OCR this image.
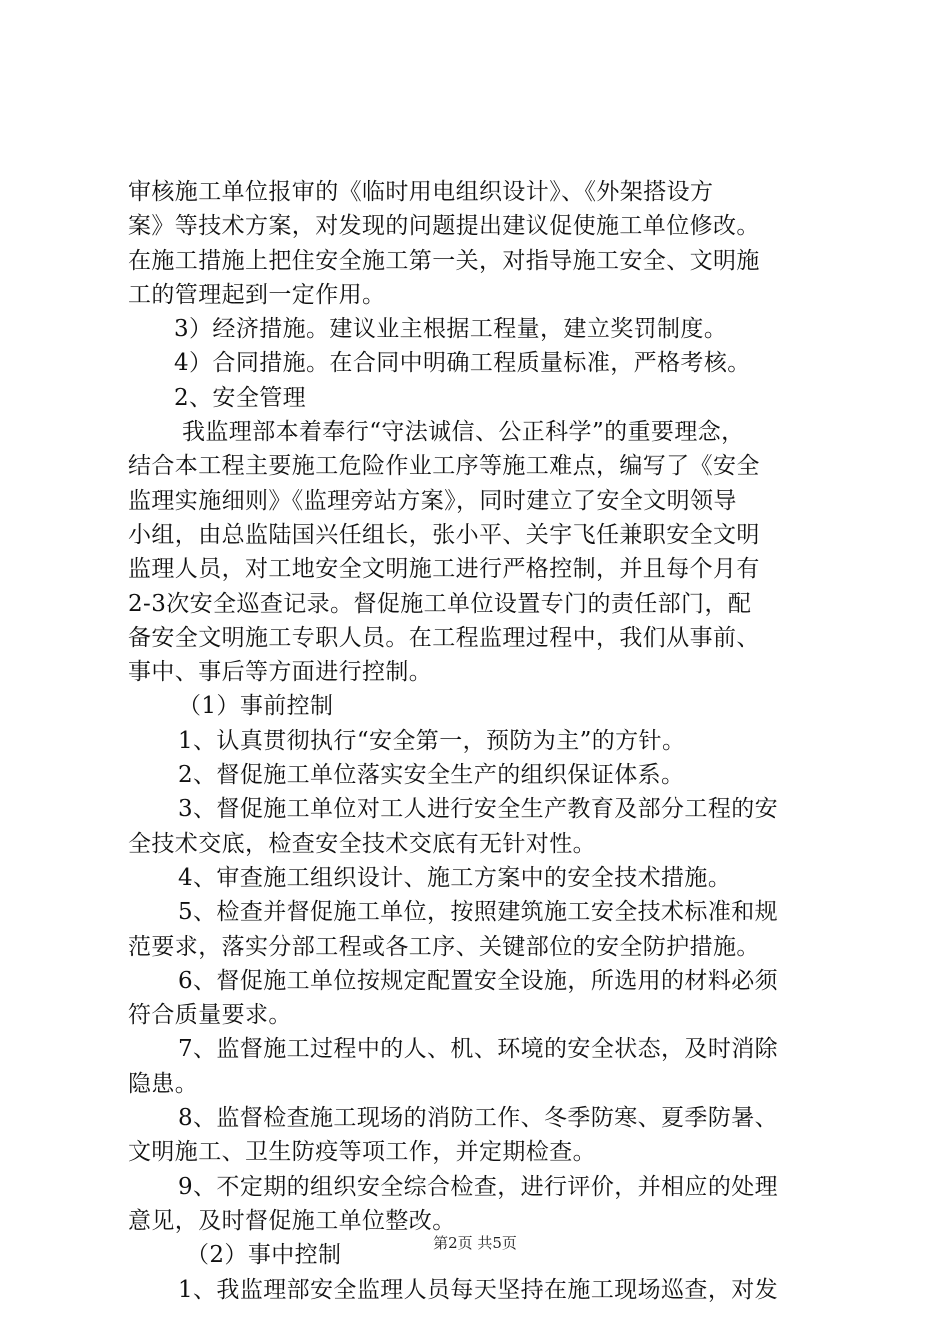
审核施工单位报审的《临时用电组织设计》、《外架搭设方
案》等技术方案，对发现的问题提出建议促使施工单位修改。
在施工措施上把住安全施工第一关，对指导施工安全、文明施
工的管理起到一定作用。
3）经济措施。建议业主根据工程量，建立奖罚制度。
4）合同措施。在合同中明确工程质量标准，严格考核。
2、安全管理
我监理部本着奉行“守法诚信、公正科学”的重要理念，
结合本工程主要施工危险作业工序等施工难点，编写了《安全
监理实施细则》《监理旁站方案》，同时建立了安全文明领导
小组，由总监陆国兴任组长，张小平、关宇飞任兼职安全文明
监理人员，对工地安全文明施工进行严格控制，并且每个月有
2-3次安全巡查记录。督促施工单位设置专门的责任部门，配
备安全文明施工专职人员。在工程监理过程中，我们从事前、
事中、事后等方面进行控制。
（1）事前控制
1、认真贯彻执行“安全第一，预防为主”的方针。
2、督促施工单位落实安全生产的组织保证体系。
3、督促施工单位对工人进行安全生产教育及部分工程的安
全技术交底，检查安全技术交底有无针对性。
4、审查施工组织设计、施工方案中的安全技术措施。
5、检查并督促施工单位，按照建筑施工安全技术标准和规
范要求，落实分部工程或各工序、关键部位的安全防护措施。
6、督促施工单位按规定配置安全设施，所选用的材料必须
符合质量要求。
7、监督施工过程中的人、机、环境的安全状态，及时消除
隐患。
8、监督检查施工现场的消防工作、冬季防寒、夏季防暑、
文明施工、卫生防疫等项工作，并定期检查。
9、不定期的组织安全综合检查，进行评价，并相应的处理
意见，及时督促施工单位整改。
（2）事中控制
1、我监理部安全监理人员每天坚持在施工现场巡查，对发
第2页 共5页
